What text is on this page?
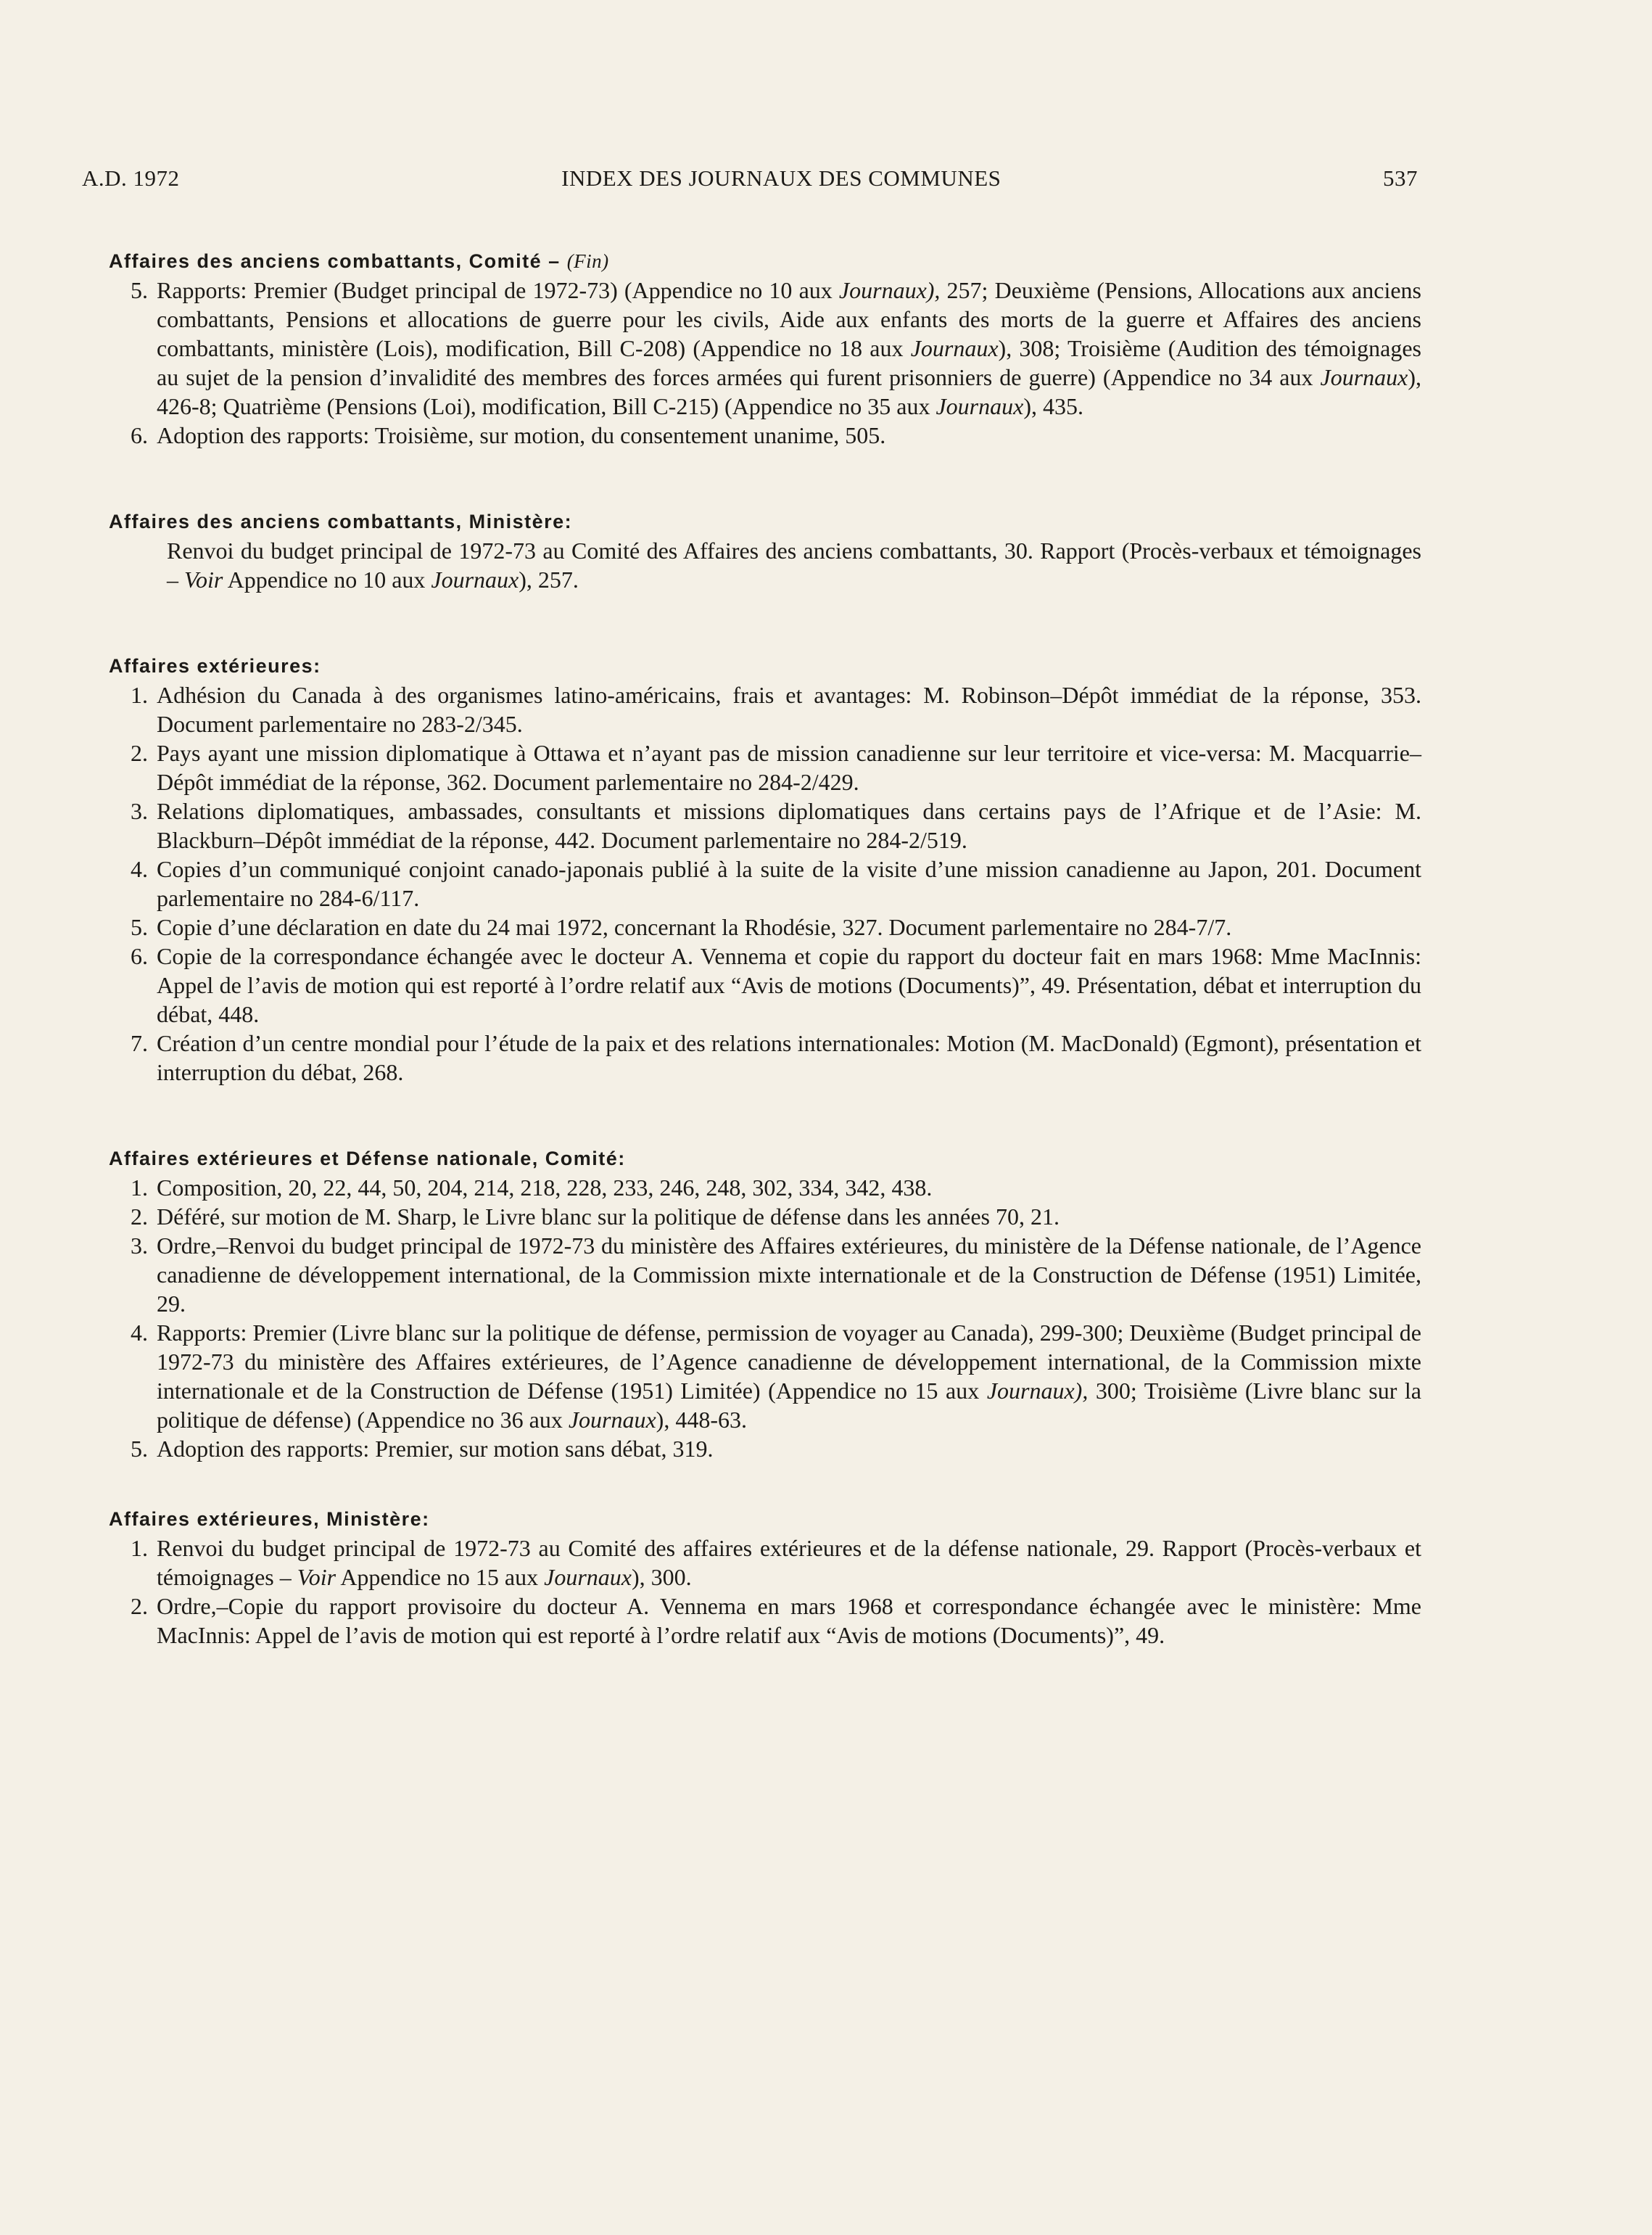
A.D. 1972	INDEX DES JOURNAUX DES COMMUNES	537
Affaires des anciens combattants, Comité – (Fin)
5. Rapports: Premier (Budget principal de 1972-73) (Appendice no 10 aux Journaux), 257; Deuxième (Pensions, Allocations aux anciens combattants, Pensions et allocations de guerre pour les civils, Aide aux enfants des morts de la guerre et Affaires des anciens combattants, ministère (Lois), modification, Bill C-208) (Appendice no 18 aux Journaux), 308; Troisième (Audition des témoignages au sujet de la pension d’invalidité des membres des forces armées qui furent prisonniers de guerre) (Appendice no 34 aux Journaux), 426-8; Quatrième (Pensions (Loi), modification, Bill C-215) (Appendice no 35 aux Journaux), 435.
6. Adoption des rapports: Troisième, sur motion, du consentement unanime, 505.
Affaires des anciens combattants, Ministère:
Renvoi du budget principal de 1972-73 au Comité des Affaires des anciens combattants, 30. Rapport (Procès-verbaux et témoignages – Voir Appendice no 10 aux Journaux), 257.
Affaires extérieures:
1. Adhésion du Canada à des organismes latino-américains, frais et avantages: M. Robinson–Dépôt immédiat de la réponse, 353. Document parlementaire no 283-2/345.
2. Pays ayant une mission diplomatique à Ottawa et n’ayant pas de mission canadienne sur leur territoire et vice-versa: M. Macquarrie–Dépôt immédiat de la réponse, 362. Document parlementaire no 284-2/429.
3. Relations diplomatiques, ambassades, consultants et missions diplomatiques dans certains pays de l’Afrique et de l’Asie: M. Blackburn–Dépôt immédiat de la réponse, 442. Document parlementaire no 284-2/519.
4. Copies d’un communiqué conjoint canado-japonais publié à la suite de la visite d’une mission canadienne au Japon, 201. Document parlementaire no 284-6/117.
5. Copie d’une déclaration en date du 24 mai 1972, concernant la Rhodésie, 327. Document parlementaire no 284-7/7.
6. Copie de la correspondance échangée avec le docteur A. Vennema et copie du rapport du docteur fait en mars 1968: Mme MacInnis: Appel de l’avis de motion qui est reporté à l’ordre relatif aux “Avis de motions (Documents)”, 49. Présentation, débat et interruption du débat, 448.
7. Création d’un centre mondial pour l’étude de la paix et des relations internationales: Motion (M. MacDonald) (Egmont), présentation et interruption du débat, 268.
Affaires extérieures et Défense nationale, Comité:
1. Composition, 20, 22, 44, 50, 204, 214, 218, 228, 233, 246, 248, 302, 334, 342, 438.
2. Déféré, sur motion de M. Sharp, le Livre blanc sur la politique de défense dans les années 70, 21.
3. Ordre,–Renvoi du budget principal de 1972-73 du ministère des Affaires extérieures, du ministère de la Défense nationale, de l’Agence canadienne de développement international, de la Commission mixte internationale et de la Construction de Défense (1951) Limitée, 29.
4. Rapports: Premier (Livre blanc sur la politique de défense, permission de voyager au Canada), 299-300; Deuxième (Budget principal de 1972-73 du ministère des Affaires extérieures, de l’Agence canadienne de développement international, de la Commission mixte internationale et de la Construction de Défense (1951) Limitée) (Appendice no 15 aux Journaux), 300; Troisième (Livre blanc sur la politique de défense) (Appendice no 36 aux Journaux), 448-63.
5. Adoption des rapports: Premier, sur motion sans débat, 319.
Affaires extérieures, Ministère:
1. Renvoi du budget principal de 1972-73 au Comité des affaires extérieures et de la défense nationale, 29. Rapport (Procès-verbaux et témoignages – Voir Appendice no 15 aux Journaux), 300.
2. Ordre,–Copie du rapport provisoire du docteur A. Vennema en mars 1968 et correspondance échangée avec le ministère: Mme MacInnis: Appel de l’avis de motion qui est reporté à l’ordre relatif aux “Avis de motions (Documents)”, 49.
